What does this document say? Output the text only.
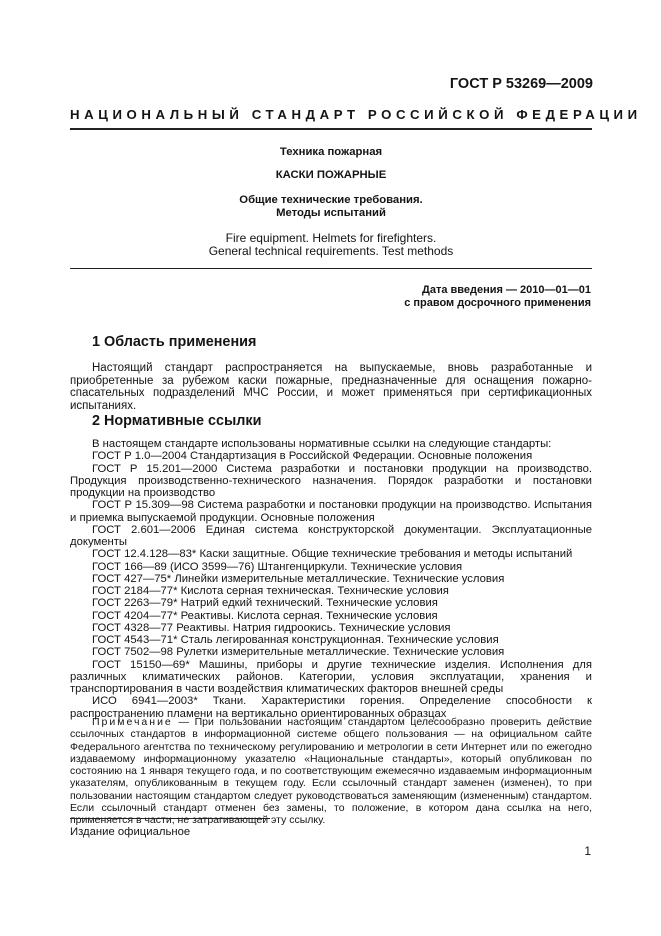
ГОСТ Р 53269—2009
НАЦИОНАЛЬНЫЙ СТАНДАРТ РОССИЙСКОЙ ФЕДЕРАЦИИ
Техника пожарная
КАСКИ ПОЖАРНЫЕ
Общие технические требования.
Методы испытаний
Fire equipment. Helmets for firefighters.
General technical requirements. Test methods
Дата введения — 2010—01—01
с правом досрочного применения
1 Область применения
Настоящий стандарт распространяется на выпускаемые, вновь разработанные и приобретенные за рубежом каски пожарные, предназначенные для оснащения пожарно-спасательных подразделений МЧС России, и может применяться при сертификационных испытаниях.
2 Нормативные ссылки
В настоящем стандарте использованы нормативные ссылки на следующие стандарты:
ГОСТ Р 1.0—2004 Стандартизация в Российской Федерации. Основные положения
ГОСТ Р 15.201—2000 Система разработки и постановки продукции на производство. Продукция производственно-технического назначения. Порядок разработки и постановки продукции на производство
ГОСТ Р 15.309—98 Система разработки и постановки продукции на производство. Испытания и приемка выпускаемой продукции. Основные положения
ГОСТ 2.601—2006 Единая система конструкторской документации. Эксплуатационные документы
ГОСТ 12.4.128—83* Каски защитные. Общие технические требования и методы испытаний
ГОСТ 166—89 (ИСО 3599—76) Штангенциркули. Технические условия
ГОСТ 427—75* Линейки измерительные металлические. Технические условия
ГОСТ 2184—77* Кислота серная техническая. Технические условия
ГОСТ 2263—79* Натрий едкий технический. Технические условия
ГОСТ 4204—77* Реактивы. Кислота серная. Технические условия
ГОСТ 4328—77 Реактивы. Натрия гидроокись. Технические условия
ГОСТ 4543—71* Сталь легированная конструкционная. Технические условия
ГОСТ 7502—98 Рулетки измерительные металлические. Технические условия
ГОСТ 15150—69* Машины, приборы и другие технические изделия. Исполнения для различных климатических районов. Категории, условия эксплуатации, хранения и транспортирования в части воздействия климатических факторов внешней среды
ИСО 6941—2003* Ткани. Характеристики горения. Определение способности к распространению пламени на вертикально ориентированных образцах
Примечание — При пользовании настоящим стандартом целесообразно проверить действие ссылочных стандартов в информационной системе общего пользования — на официальном сайте Федерального агентства по техническому регулированию и метрологии в сети Интернет или по ежегодно издаваемому информационному указателю «Национальные стандарты», который опубликован по состоянию на 1 января текущего года, и по соответствующим ежемесячно издаваемым информационным указателям, опубликованным в текущем году. Если ссылочный стандарт заменен (изменен), то при пользовании настоящим стандартом следует руководствоваться заменяющим (измененным) стандартом. Если ссылочный стандарт отменен без замены, то положение, в котором дана ссылка на него, применяется в части, не затрагивающей эту ссылку.
Издание официальное
1
